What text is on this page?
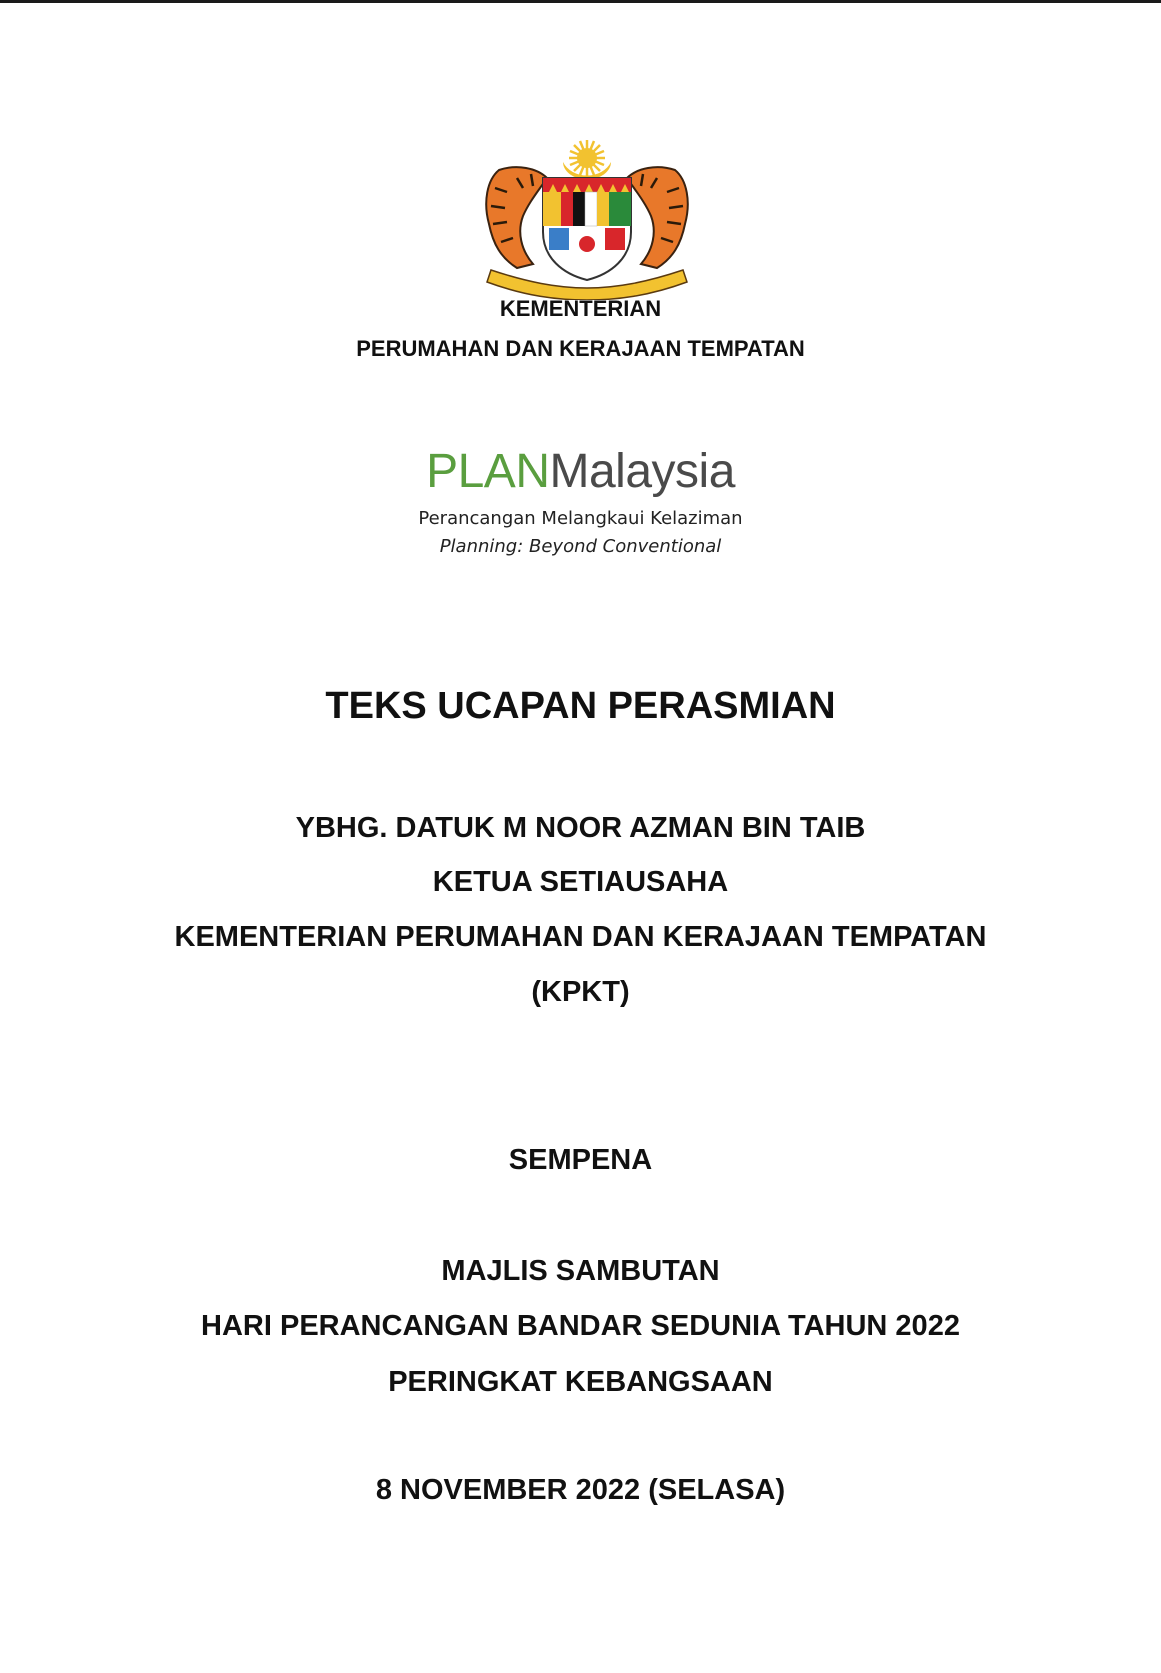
KEMENTERIAN
PERUMAHAN DAN KERAJAAN TEMPATAN
PLANMalaysia
Perancangan Melangkaui Kelaziman
Planning: Beyond Conventional
TEKS UCAPAN PERASMIAN
YBHG. DATUK M NOOR AZMAN BIN TAIB
KETUA SETIAUSAHA
KEMENTERIAN PERUMAHAN DAN KERAJAAN TEMPATAN
(KPKT)
SEMPENA
MAJLIS SAMBUTAN
HARI PERANCANGAN BANDAR SEDUNIA TAHUN 2022
PERINGKAT KEBANGSAAN
8 NOVEMBER 2022 (SELASA)
